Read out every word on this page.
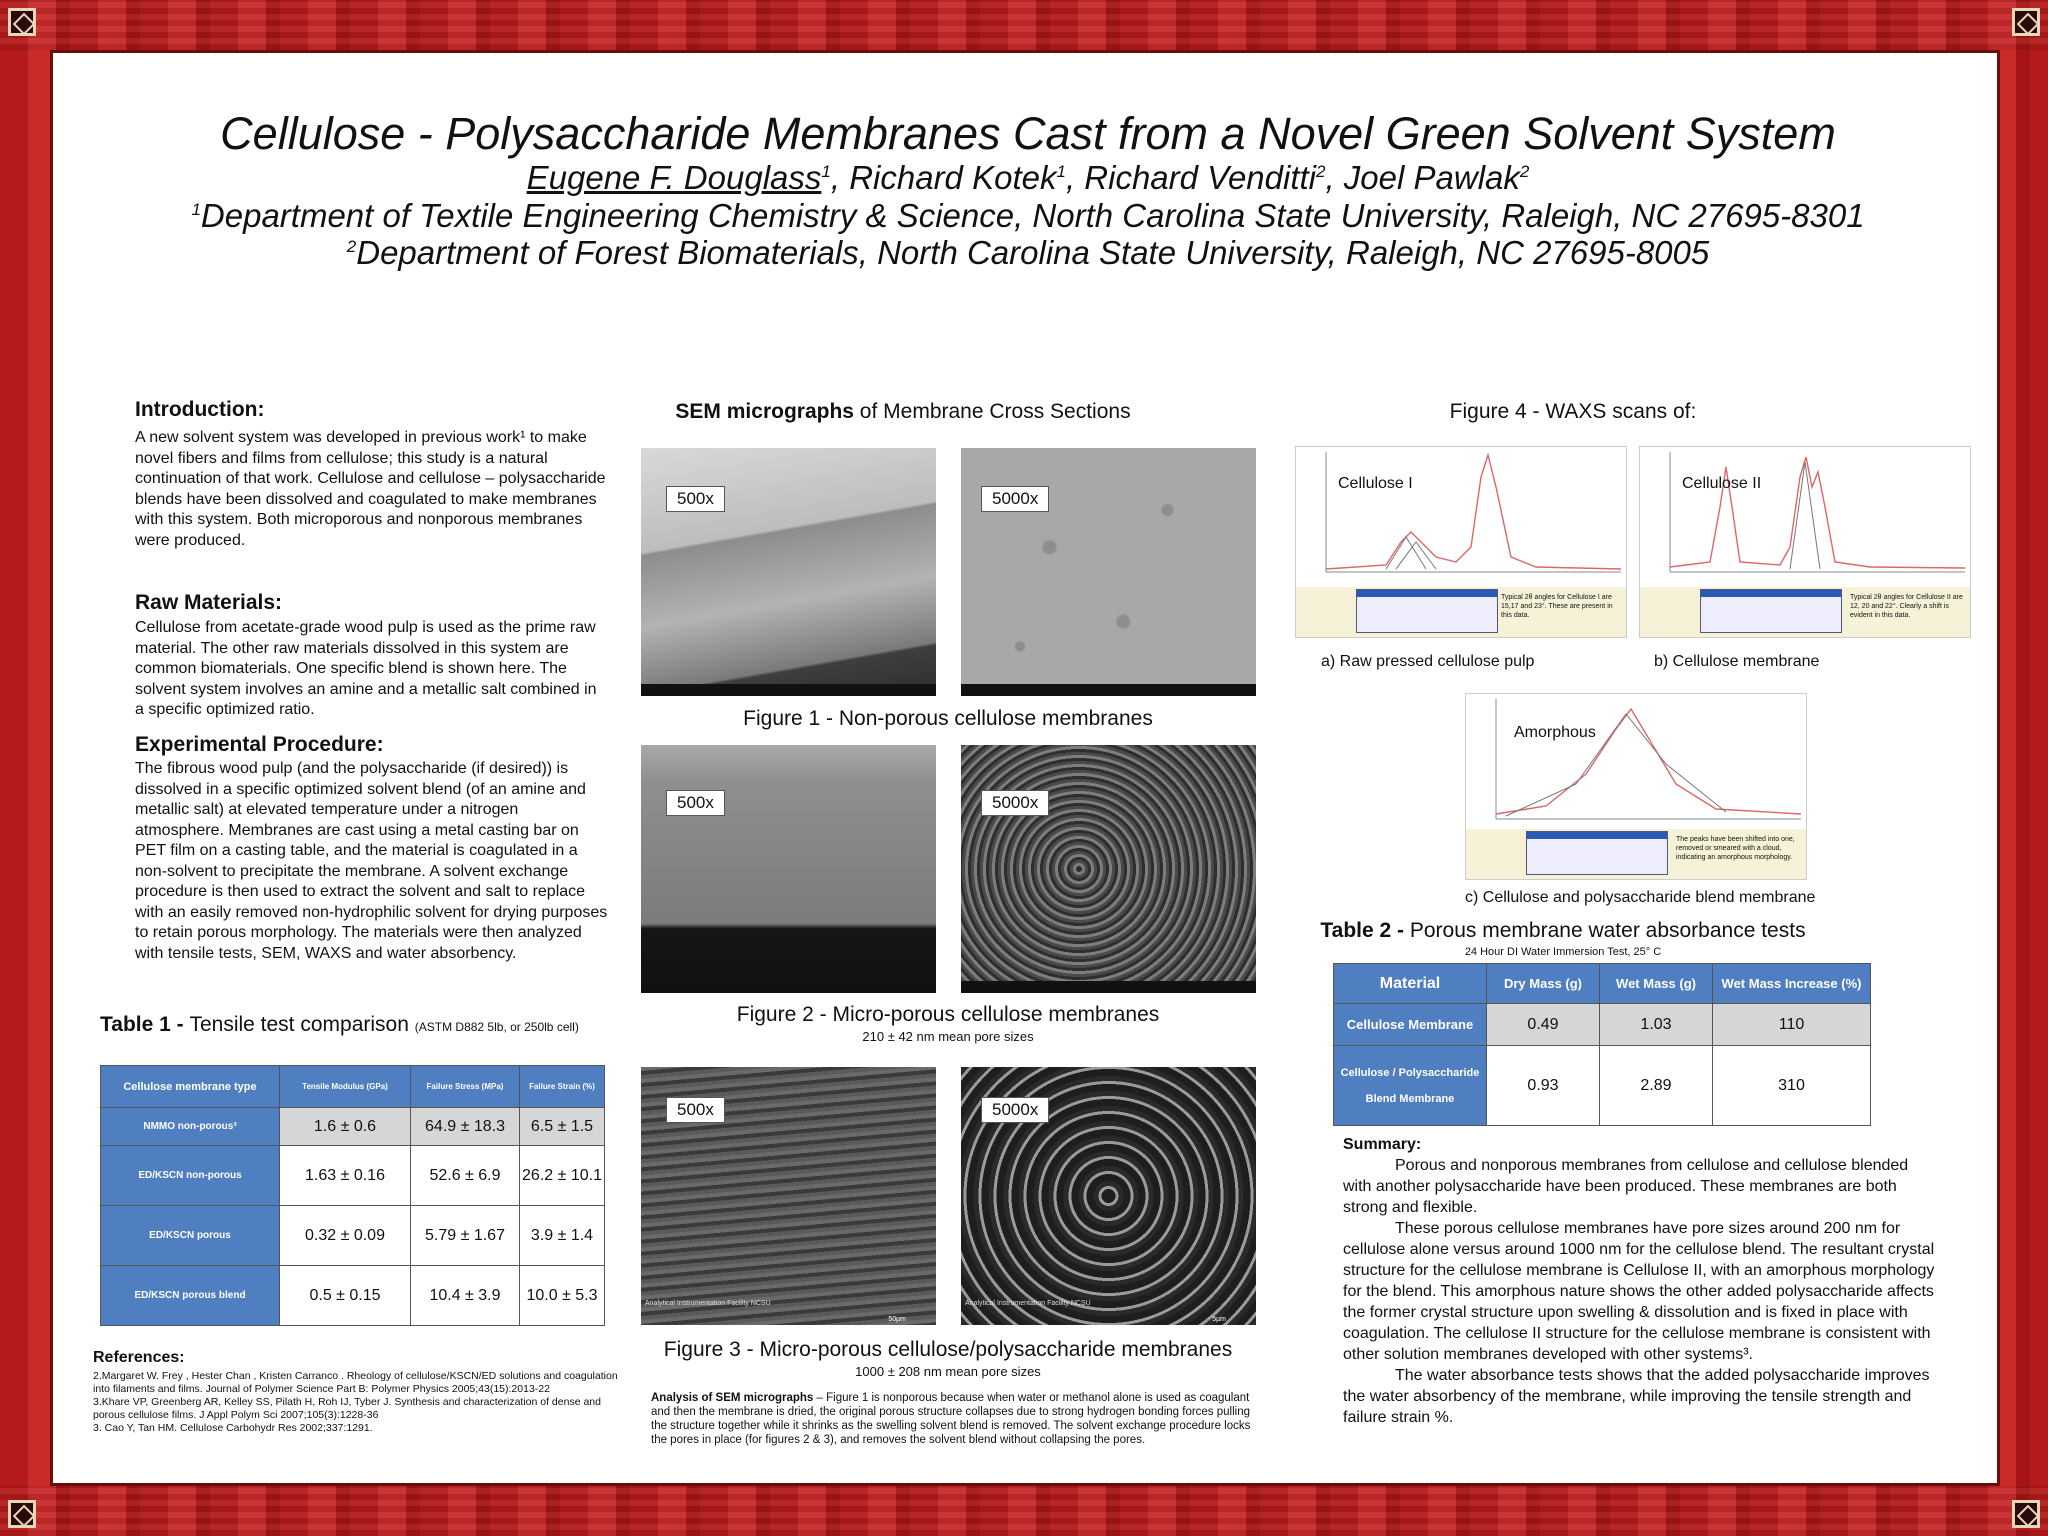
Cellulose - Polysaccharide Membranes Cast from a Novel Green Solvent System
Eugene F. Douglass$^1$, Richard Kotek$^1$, Richard Venditti$^2$, Joel Pawlak$^2$
$^1$Department of Textile Engineering Chemistry & Science, North Carolina State University, Raleigh, NC 27695-8301
$^2$Department of Forest Biomaterials, North Carolina State University, Raleigh, NC 27695-8005
Introduction:
A new solvent system was developed in previous work¹ to make novel fibers and films from cellulose; this study is a natural continuation of that work. Cellulose and cellulose – polysaccharide blends have been dissolved and coagulated to make membranes with this system. Both microporous and nonporous membranes were produced.
Raw Materials:
Cellulose from acetate-grade wood pulp is used as the prime raw material. The other raw materials dissolved in this system are common biomaterials. One specific blend is shown here. The solvent system involves an amine and a metallic salt combined in a specific optimized ratio.
Experimental Procedure:
The fibrous wood pulp (and the polysaccharide (if desired)) is dissolved in a specific optimized solvent blend (of an amine and metallic salt) at elevated temperature under a nitrogen atmosphere. Membranes are cast using a metal casting bar on PET film on a casting table, and the material is coagulated in a non-solvent to precipitate the membrane. A solvent exchange procedure is then used to extract the solvent and salt to replace with an easily removed non-hydrophilic solvent for drying purposes to retain porous morphology. The materials were then analyzed with tensile tests, SEM, WAXS and water absorbency.
Table 1 - Tensile test comparison (ASTM D882 5lb, or 250lb cell)
Cellulose membrane type	Tensile Modulus (GPa)	Failure Stress (MPa)	Failure Strain (%)
NMMO non-porous³	1.6 ± 0.6	64.9 ± 18.3	6.5 ± 1.5
ED/KSCN non-porous	1.63 ± 0.16	52.6 ± 6.9	26.2 ± 10.1
ED/KSCN porous	0.32 ± 0.09	5.79 ± 1.67	3.9 ± 1.4
ED/KSCN porous blend	0.5 ± 0.15	10.4 ± 3.9	10.0 ± 5.3
References:
2.Margaret W. Frey , Hester Chan , Kristen Carranco . Rheology of cellulose/KSCN/ED solutions and coagulation into filaments and films. Journal of Polymer Science Part B: Polymer Physics 2005;43(15):2013-22
3.Khare VP, Greenberg AR, Kelley SS, Pilath H, Roh IJ, Tyber J. Synthesis and characterization of dense and porous cellulose films. J Appl Polym Sci 2007;105(3):1228-36
3. Cao Y, Tan HM. Cellulose Carbohydr Res 2002;337:1291.
SEM micrographs of Membrane Cross Sections
500x	5000x
Figure 1 - Non-porous cellulose membranes
500x	5000x
Figure 2 - Micro-porous cellulose membranes
210 ± 42 nm mean pore sizes
500x
Analytical Instrumentation Facility NCSU
50µm
5000x
Analytical Instrumentation Facility NCSU
5µm
Figure 3 - Micro-porous cellulose/polysaccharide membranes
1000 ± 208 nm mean pore sizes
Analysis of SEM micrographs – Figure 1 is nonporous because when water or methanol alone is used as coagulant and then the membrane is dried, the original porous structure collapses due to strong hydrogen bonding forces pulling the structure together while it shrinks as the swelling solvent blend is removed. The solvent exchange procedure locks the pores in place (for figures 2 & 3), and removes the solvent blend without collapsing the pores.
Figure 4 - WAXS scans of:
Cellulose I
Typical 2θ angles for Cellulose I are 15,17 and 23°. These are present in this data.
Cellulose II
Typical 2θ angles for Cellulose II are 12, 20 and 22°. Clearly a shift is evident in this data.
a) Raw pressed cellulose pulp	b) Cellulose membrane
Amorphous
The peaks have been shifted into one, removed or smeared with a cloud, indicating an amorphous morphology.
c) Cellulose and polysaccharide blend membrane
Table 2 - Porous membrane water absorbance tests
24 Hour DI Water Immersion Test, 25° C
Material	Dry Mass (g)	Wet Mass (g)	Wet Mass Increase (%)
Cellulose Membrane	0.49	1.03	110
Cellulose / Polysaccharide Blend Membrane	0.93	2.89	310
Summary:
Porous and nonporous membranes from cellulose and cellulose blended with another polysaccharide have been produced. These membranes are both strong and flexible.
These porous cellulose membranes have pore sizes around 200 nm for cellulose alone versus around 1000 nm for the cellulose blend. The resultant crystal structure for the cellulose membrane is Cellulose II, with an amorphous morphology for the blend. This amorphous nature shows the other added polysaccharide affects the former crystal structure upon swelling & dissolution and is fixed in place with coagulation. The cellulose II structure for the cellulose membrane is consistent with other solution membranes developed with other systems³.
The water absorbance tests shows that the added polysaccharide improves the water absorbency of the membrane, while improving the tensile strength and failure strain %.
